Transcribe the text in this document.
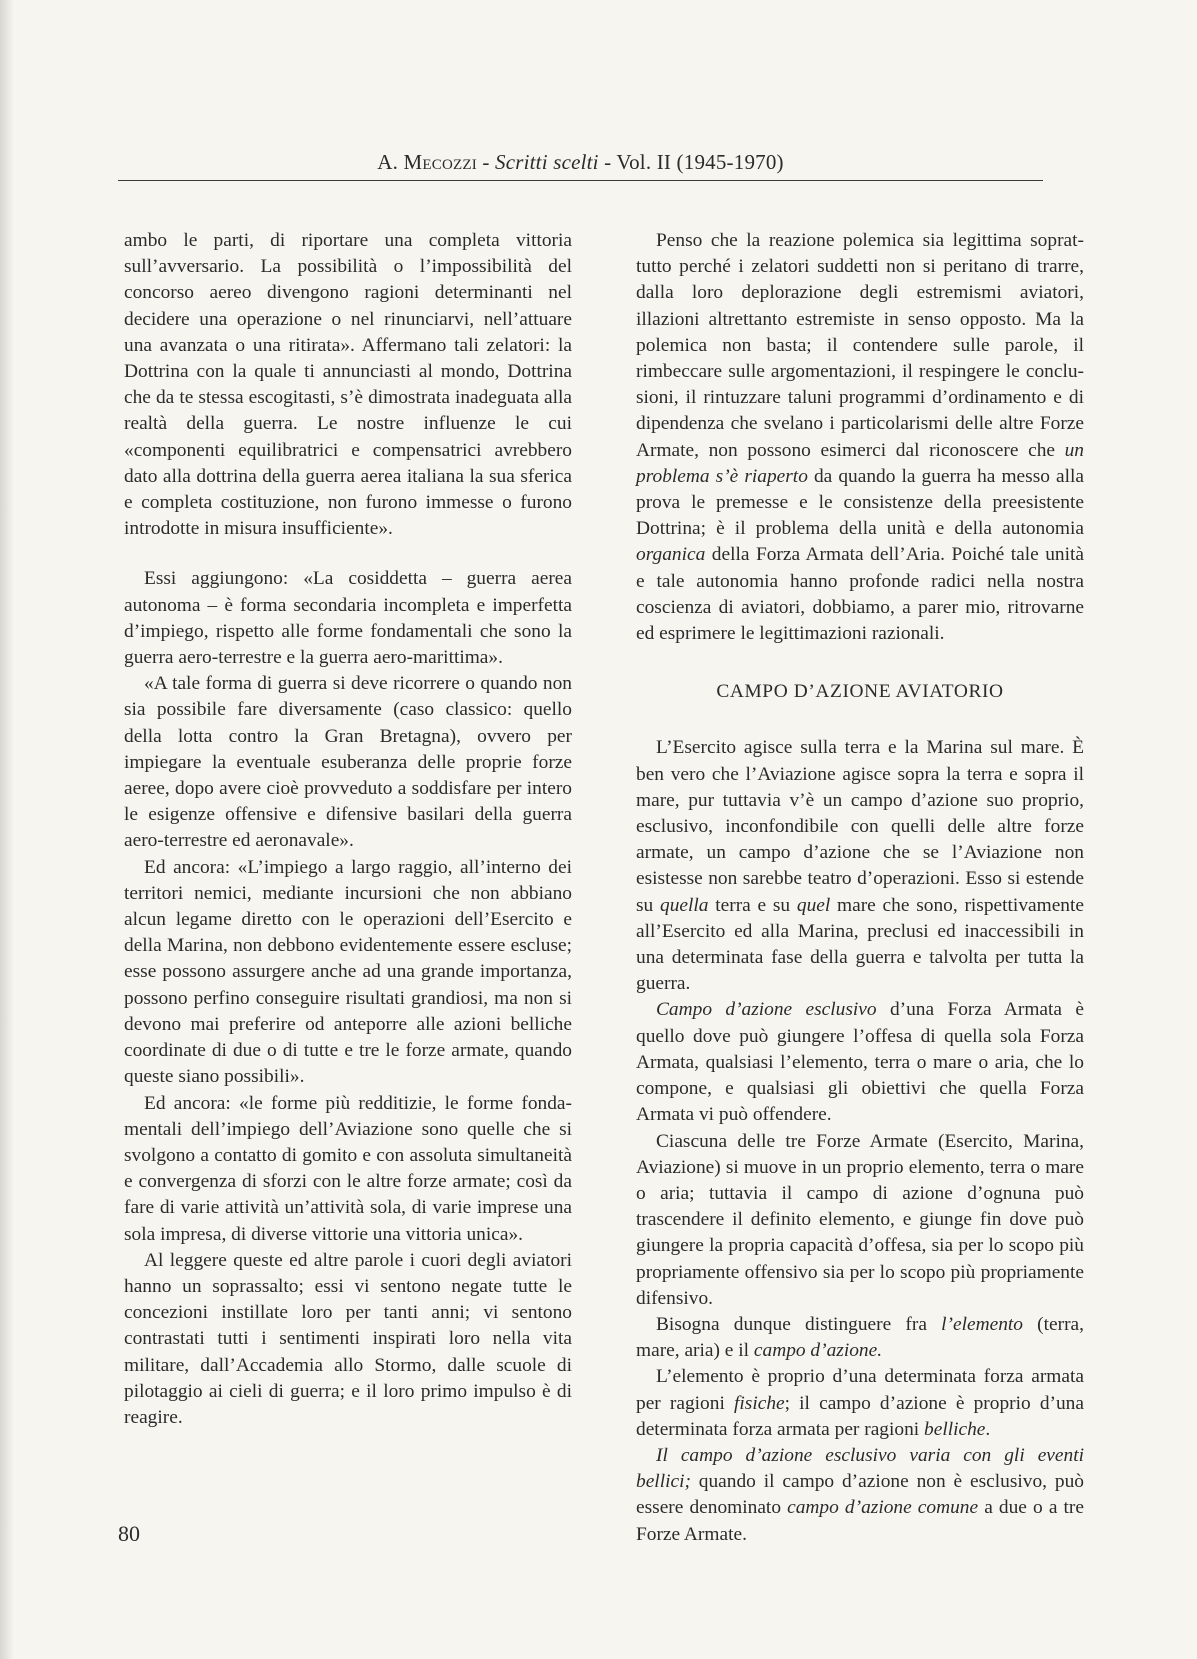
A. Mecozzi - Scritti scelti - Vol. II (1945-1970)

ambo le parti, di riportare una completa vittoria sull’avversario. La possibilità o l’impossibilità del concorso aereo divengono ragioni determinanti nel decidere una operazione o nel rinunciarvi, nell’attuare una avanzata o una ritirata». Affermano tali zelatori: la Dottrina con la quale ti annunciasti al mondo, Dottrina che da te stessa escogitasti, s’è dimostrata inadeguata alla realtà della guerra. Le nostre influenze le cui «componenti equilibratrici e compensatrici avrebbero dato alla dottrina della guerra aerea italiana la sua sferica e completa costituzione, non furono immesse o furono introdotte in misura insufficiente».

Essi aggiungono: «La cosiddetta – guerra aerea autonoma – è forma secondaria incompleta e imperfetta d’impiego, rispetto alle forme fondamentali che sono la guerra aero-terrestre e la guerra aero-marittima».

«A tale forma di guerra si deve ricorrere o quando non sia possibile fare diversamente (caso classico: quello della lotta contro la Gran Bretagna), ovvero per impiegare la eventuale esuberanza delle proprie forze aeree, dopo avere cioè provveduto a soddisfare per intero le esigenze offensive e difensive basilari della guerra aero-terrestre ed aeronavale».

Ed ancora: «L’impiego a largo raggio, all’interno dei territori nemici, mediante incursioni che non abbiano alcun legame diretto con le operazioni dell’Esercito e della Marina, non debbono evidentemente essere escluse; esse possono assurgere anche ad una grande importanza, possono perfino conseguire risultati grandiosi, ma non si devono mai preferire od anteporre alle azioni belliche coordinate di due o di tutte e tre le forze armate, quando queste siano possibili».

Ed ancora: «le forme più redditizie, le forme fondamentali dell’impiego dell’Aviazione sono quelle che si svolgono a contatto di gomito e con assoluta simultaneità e convergenza di sforzi con le altre forze armate; così da fare di varie attività un’attività sola, di varie imprese una sola impresa, di diverse vittorie una vittoria unica».

Al leggere queste ed altre parole i cuori degli aviatori hanno un soprassalto; essi vi sentono negate tutte le concezioni instillate loro per tanti anni; vi sentono contrastati tutti i sentimenti inspirati loro nella vita militare, dall’Accademia allo Stormo, dalle scuole di pilotaggio ai cieli di guerra; e il loro primo impulso è di reagire.

Penso che la reazione polemica sia legittima soprattutto perché i zelatori suddetti non si peritano di trarre, dalla loro deplorazione degli estremismi aviatori, illazioni altrettanto estremiste in senso opposto. Ma la polemica non basta; il contendere sulle parole, il rimbeccare sulle argomentazioni, il respingere le conclusioni, il rintuzzare taluni programmi d’ordinamento e di dipendenza che svelano i particolarismi delle altre Forze Armate, non possono esimerci dal riconoscere che un problema s’è riaperto da quando la guerra ha messo alla prova le premesse e le consistenze della preesistente Dottrina; è il problema della unità e della autonomia organica della Forza Armata dell’Aria. Poiché tale unità e tale autonomia hanno profonde radici nella nostra coscienza di aviatori, dobbiamo, a parer mio, ritrovarne ed esprimere le legittimazioni razionali.

CAMPO D’AZIONE AVIATORIO

L’Esercito agisce sulla terra e la Marina sul mare. È ben vero che l’Aviazione agisce sopra la terra e sopra il mare, pur tuttavia v’è un campo d’azione suo proprio, esclusivo, inconfondibile con quelli delle altre forze armate, un campo d’azione che se l’Aviazione non esistesse non sarebbe teatro d’operazioni. Esso si estende su quella terra e su quel mare che sono, rispettivamente all’Esercito ed alla Marina, preclusi ed inaccessibili in una determinata fase della guerra e talvolta per tutta la guerra.

Campo d’azione esclusivo d’una Forza Armata è quello dove può giungere l’offesa di quella sola Forza Armata, qualsiasi l’elemento, terra o mare o aria, che lo compone, e qualsiasi gli obiettivi che quella Forza Armata vi può offendere.

Ciascuna delle tre Forze Armate (Esercito, Marina, Aviazione) si muove in un proprio elemento, terra o mare o aria; tuttavia il campo di azione d’ognuna può trascendere il definito elemento, e giunge fin dove può giungere la propria capacità d’offesa, sia per lo scopo più propriamente offensivo sia per lo scopo più propriamente difensivo.

Bisogna dunque distinguere fra l’elemento (terra, mare, aria) e il campo d’azione.

L’elemento è proprio d’una determinata forza armata per ragioni fisiche; il campo d’azione è proprio d’una determinata forza armata per ragioni belliche.

Il campo d’azione esclusivo varia con gli eventi bellici; quando il campo d’azione non è esclusivo, può essere denominato campo d’azione comune a due o a tre Forze Armate.

80
